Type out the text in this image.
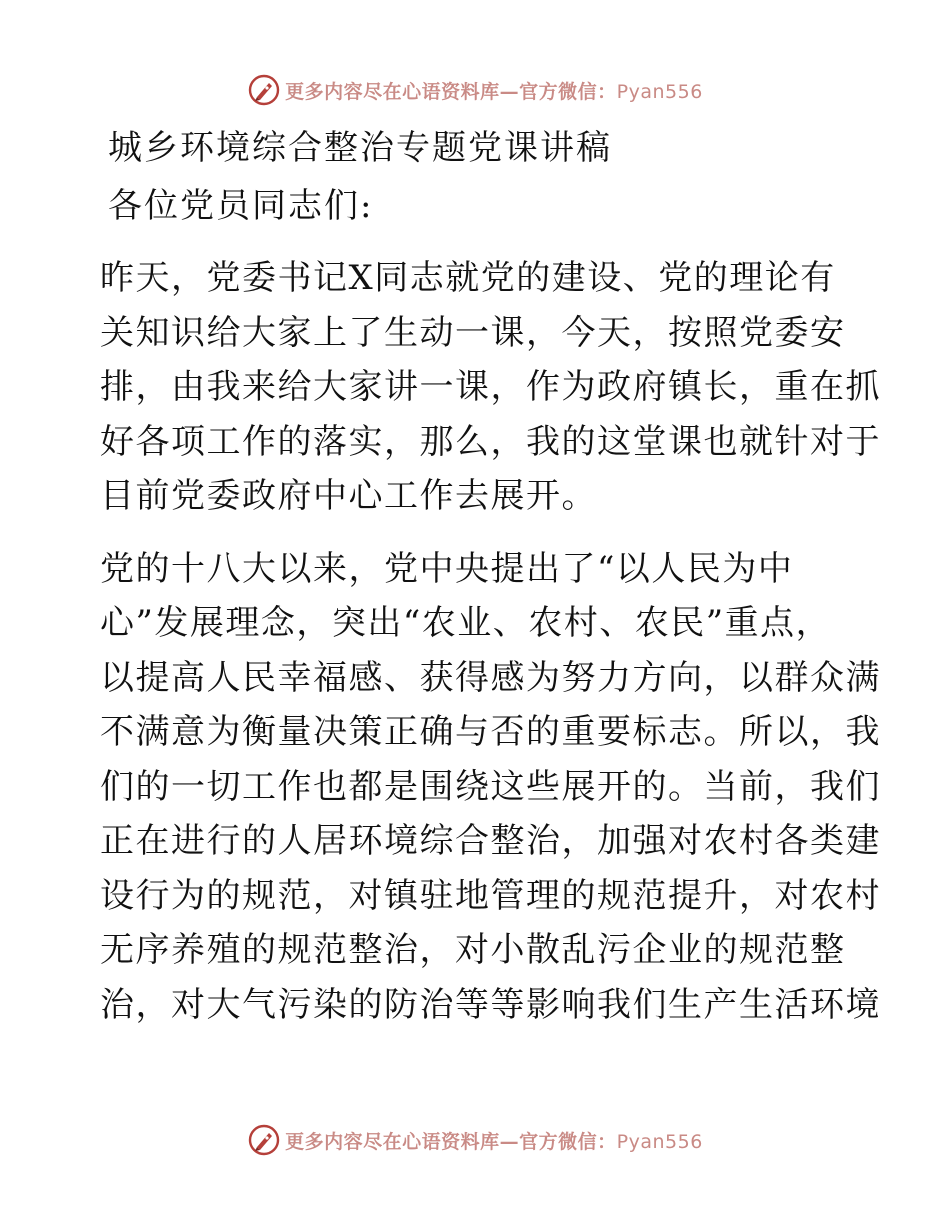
更多内容尽在心语资料库—官方微信：Pyan556
城乡环境综合整治专题党课讲稿
各位党员同志们:
昨天，党委书记X同志就党的建设、党的理论有
关知识给大家上了生动一课，今天，按照党委安
排，由我来给大家讲一课，作为政府镇长，重在抓
好各项工作的落实，那么，我的这堂课也就针对于
目前党委政府中心工作去展开。
党的十八大以来，党中央提出了“以人民为中
心”发展理念，突出“农业、农村、农民”重点，
以提高人民幸福感、获得感为努力方向，以群众满
不满意为衡量决策正确与否的重要标志。所以，我
们的一切工作也都是围绕这些展开的。当前，我们
正在进行的人居环境综合整治，加强对农村各类建
设行为的规范，对镇驻地管理的规范提升，对农村
无序养殖的规范整治，对小散乱污企业的规范整
治，对大气污染的防治等等影响我们生产生活环境
更多内容尽在心语资料库—官方微信：Pyan556
